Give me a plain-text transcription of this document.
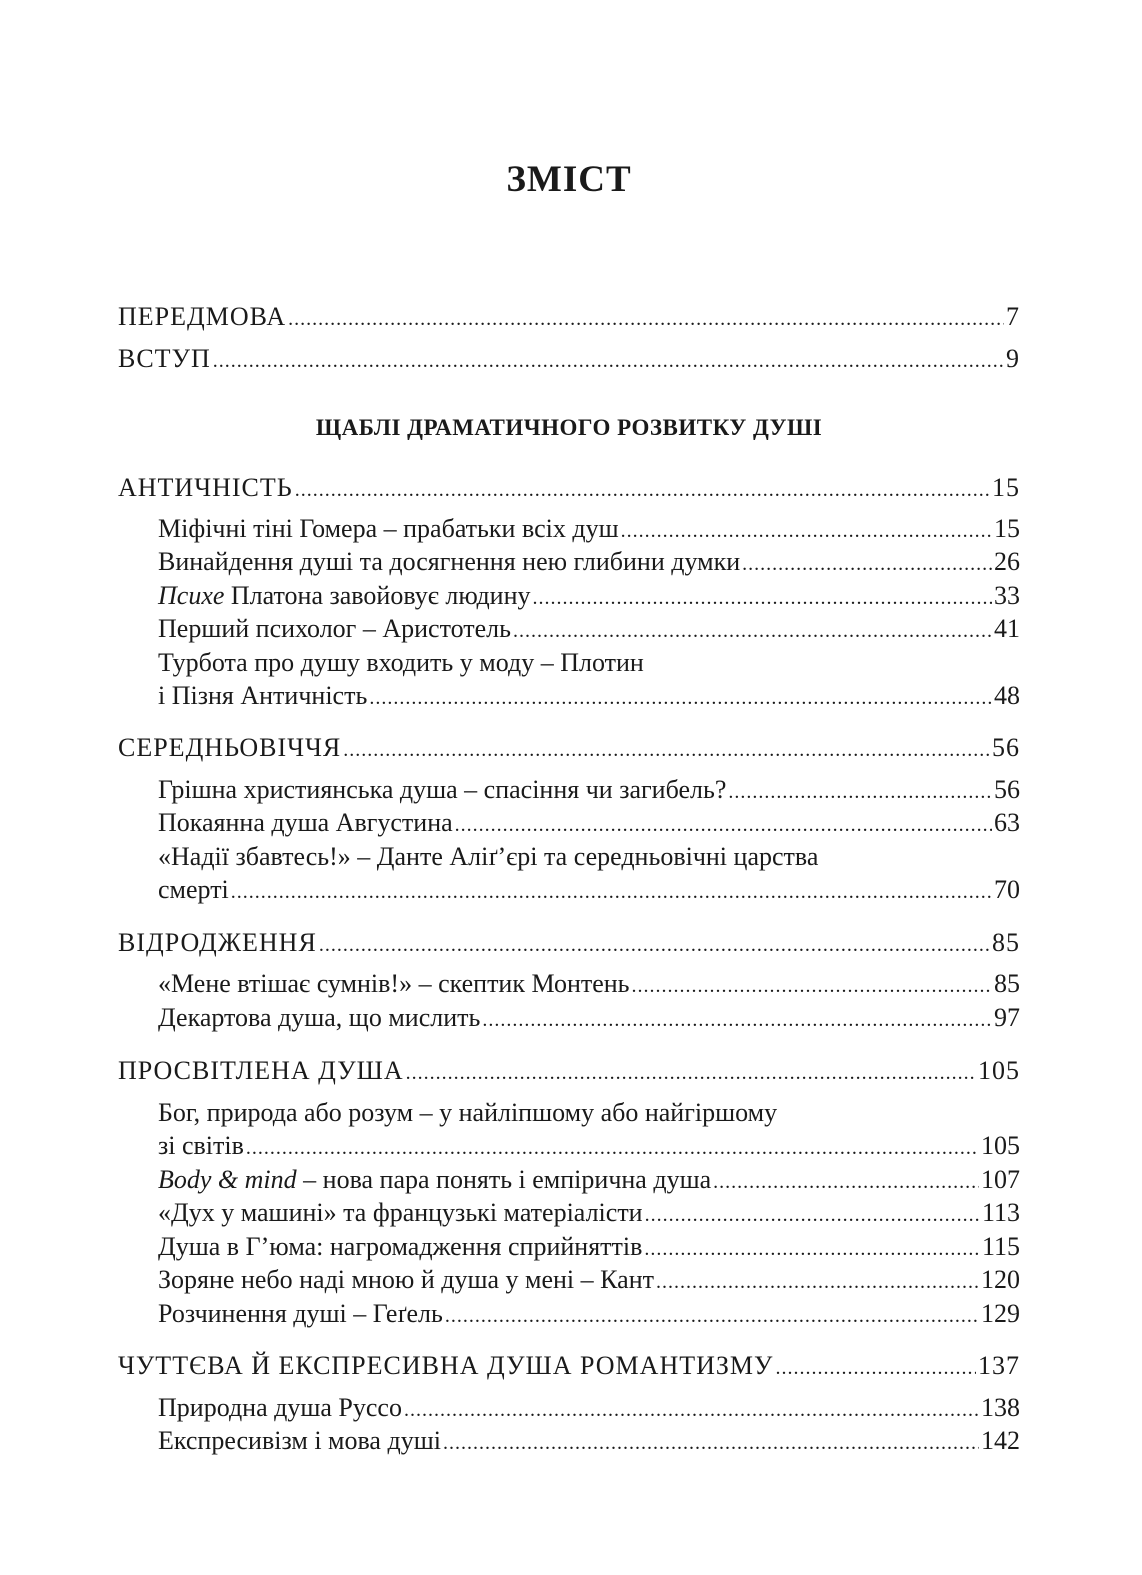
ЗМІСТ
ПЕРЕДМОВА .....	7
ВСТУП .....	9
ЩАБЛІ ДРАМАТИЧНОГО РОЗВИТКУ ДУШІ
АНТИЧНІСТЬ .....	15
Міфічні тіні Гомера – прабатьки всіх душ .....	15
Винайдення душі та досягнення нею глибини думки .....	26
Психе Платона завойовує людину .....	33
Перший психолог – Аристотель .....	41
Турбота про душу входить у моду – Плотин
і Пізня Античність .....	48
СЕРЕДНЬОВІЧЧЯ .....	56
Грішна християнська душа – спасіння чи загибель? .....	56
Покаянна душа Августина .....	63
«Надії збавтесь!» – Данте Аліґ’єрі та середньовічні царства
смерті .....	70
ВІДРОДЖЕННЯ .....	85
«Мене втішає сумнів!» – скептик Монтень .....	85
Декартова душа, що мислить .....	97
ПРОСВІТЛЕНА ДУША .....	105
Бог, природа або розум – у найліпшому або найгіршому
зі світів .....	105
Body & mind – нова пара понять і емпірична душа .....	107
«Дух у машині» та французькі матеріалісти .....	113
Душа в Г’юма: нагромадження сприйняттів .....	115
Зоряне небо наді мною й душа у мені – Кант .....	120
Розчинення душі – Геґель .....	129
ЧУТТЄВА Й ЕКСПРЕСИВНА ДУША РОМАНТИЗМУ .....	137
Природна душа Руссо .....	138
Експресивізм і мова душі .....	142
